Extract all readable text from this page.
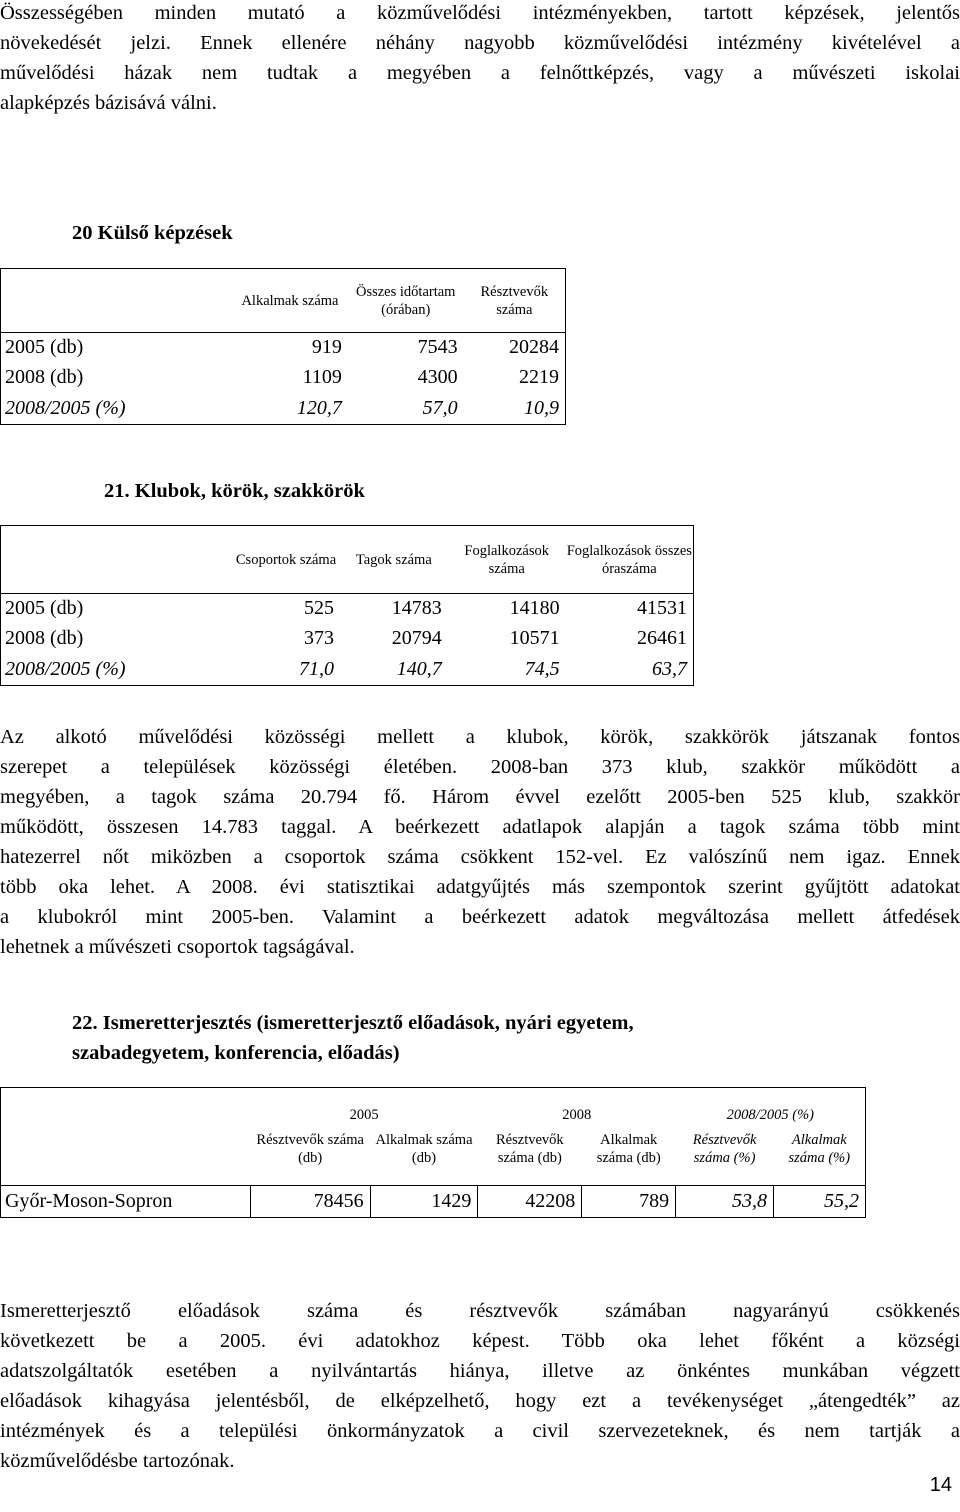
Összességében minden mutató a közművelődési intézményekben, tartott képzések, jelentős
növekedését jelzi. Ennek ellenére néhány nagyobb közművelődési intézmény kivételével a
művelődési házak nem tudtak a megyében a felnőttképzés, vagy a művészeti iskolai
alapképzés bázisává válni.

20 Külső képzések
	Alkalmak száma	Összes időtartam (órában)	Résztvevők száma
2005 (db)	919	7543	20284
2008 (db)	1109	4300	2219
2008/2005 (%)	120,7	57,0	10,9
21. Klubok, körök, szakkörök
	Csoportok száma	Tagok száma	Foglalkozások száma	Foglalkozások összes óraszáma
2005 (db)	525	14783	14180	41531
2008 (db)	373	20794	10571	26461
2008/2005 (%)	71,0	140,7	74,5	63,7

Az alkotó művelődési közösségi mellett a klubok, körök, szakkörök játszanak fontos
szerepet a települések közösségi életében. 2008-ban 373 klub, szakkör működött a
megyében, a tagok száma 20.794 fő. Három évvel ezelőtt 2005-ben 525 klub, szakkör
működött, összesen 14.783 taggal. A beérkezett adatlapok alapján a tagok száma több mint
hatezerrel nőt miközben a csoportok száma csökkent 152-vel. Ez valószínű nem igaz. Ennek
több oka lehet. A 2008. évi statisztikai adatgyűjtés más szempontok szerint gyűjtött adatokat
a klubokról mint 2005-ben. Valamint a beérkezett adatok megváltozása mellett átfedések
lehetnek a művészeti csoportok tagságával.

22. Ismeretterjesztés (ismeretterjesztő előadások, nyári egyetem,
szabadegyetem, konferencia, előadás)
	2005		2008		2008/2005 (%)	
	Résztvevők száma (db)	Alkalmak száma (db)	Résztvevők száma (db)	Alkalmak száma (db)	Résztvevők száma (%)	Alkalmak száma (%)

Győr-Moson-Sopron	78456	1429	42208	789	53,8	55,2

Ismeretterjesztő előadások száma és résztvevők számában nagyarányú csökkenés
következett be a 2005. évi adatokhoz képest. Több oka lehet főként a községi
adatszolgáltatók esetében a nyilvántartás hiánya, illetve az önkéntes munkában végzett
előadások kihagyása jelentésből, de elképzelhető, hogy ezt a tevékenységet „átengedték” az
intézmények és a települési önkormányzatok a civil szervezeteknek, és nem tartják a
közművelődésbe tartozónak.

14
